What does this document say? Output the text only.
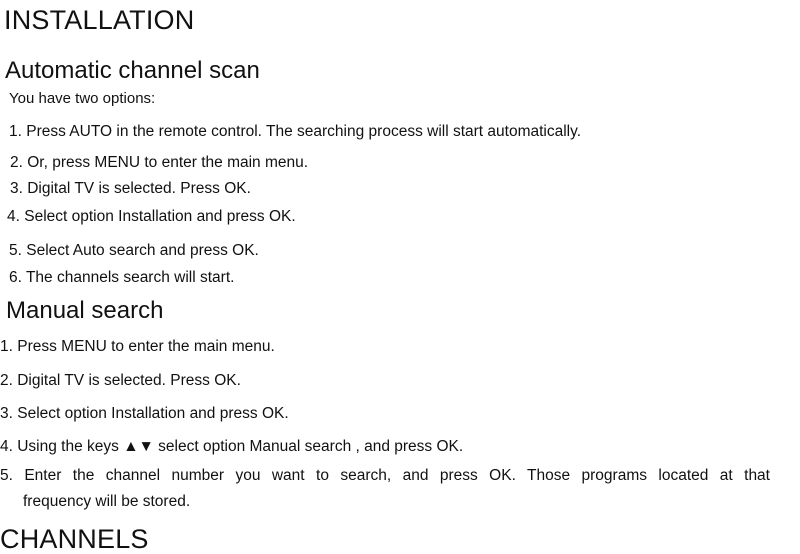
INSTALLATION
Automatic channel scan
You have two options:
1. Press AUTO in the remote control. The searching process will start automatically.
2. Or, press MENU to enter the main menu.
3. Digital TV is selected. Press OK.
4. Select option Installation and press OK.
5. Select Auto search and press OK.
6. The channels search will start.
Manual search
1. Press MENU to enter the main menu.
2. Digital TV is selected. Press OK.
3. Select option Installation and press OK.
4. Using the keys ▲▼ select option Manual search , and press OK.
5. Enter the channel number you want to search, and press OK. Those programs located at that
frequency will be stored.
CHANNELS
